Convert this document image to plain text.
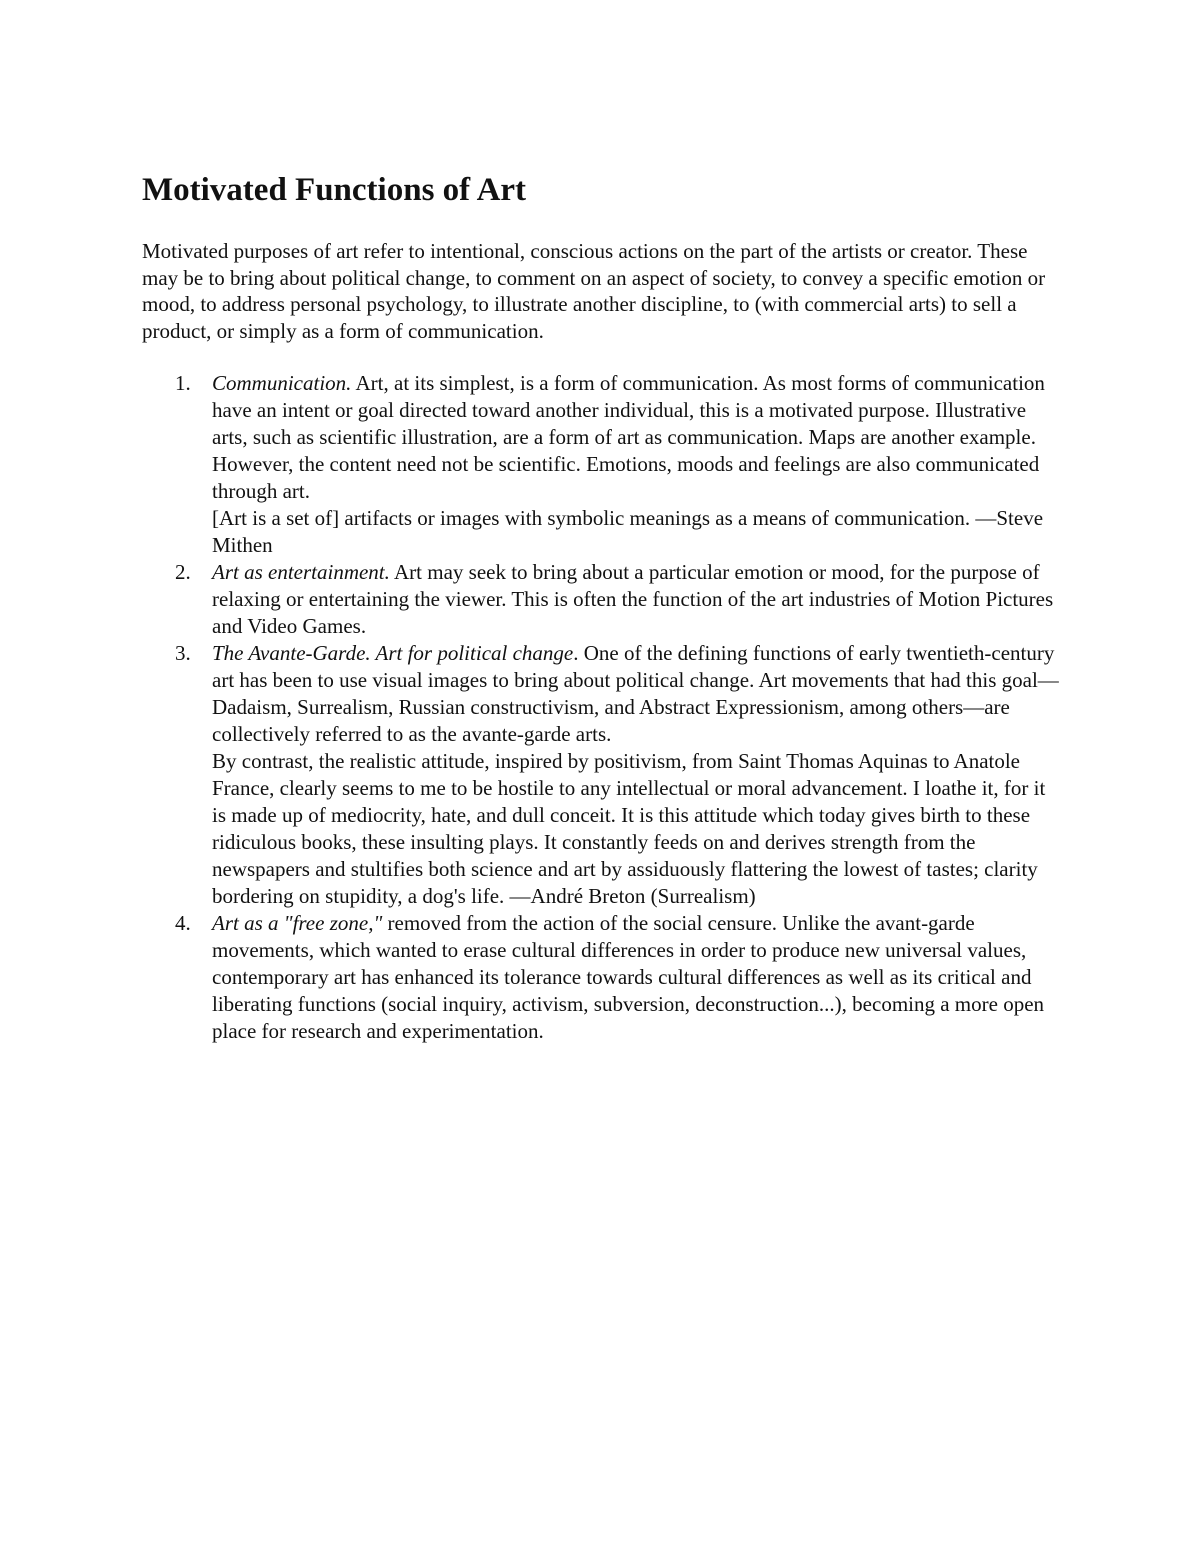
Motivated Functions of Art

Motivated purposes of art refer to intentional, conscious actions on the part of the artists or creator. These may be to bring about political change, to comment on an aspect of society, to convey a specific emotion or mood, to address personal psychology, to illustrate another discipline, to (with commercial arts) to sell a product, or simply as a form of communication.

1. Communication. Art, at its simplest, is a form of communication. As most forms of communication have an intent or goal directed toward another individual, this is a motivated purpose. Illustrative arts, such as scientific illustration, are a form of art as communication. Maps are another example. However, the content need not be scientific. Emotions, moods and feelings are also communicated through art.

[Art is a set of] artifacts or images with symbolic meanings as a means of communication. —Steve Mithen

2. Art as entertainment. Art may seek to bring about a particular emotion or mood, for the purpose of relaxing or entertaining the viewer. This is often the function of the art industries of Motion Pictures and Video Games.

3. The Avante-Garde. Art for political change. One of the defining functions of early twentieth-century art has been to use visual images to bring about political change. Art movements that had this goal—Dadaism, Surrealism, Russian constructivism, and Abstract Expressionism, among others—are collectively referred to as the avante-garde arts.

By contrast, the realistic attitude, inspired by positivism, from Saint Thomas Aquinas to Anatole France, clearly seems to me to be hostile to any intellectual or moral advancement. I loathe it, for it is made up of mediocrity, hate, and dull conceit. It is this attitude which today gives birth to these ridiculous books, these insulting plays. It constantly feeds on and derives strength from the newspapers and stultifies both science and art by assiduously flattering the lowest of tastes; clarity bordering on stupidity, a dog's life. —André Breton (Surrealism)

4. Art as a "free zone," removed from the action of the social censure. Unlike the avant-garde movements, which wanted to erase cultural differences in order to produce new universal values, contemporary art has enhanced its tolerance towards cultural differences as well as its critical and liberating functions (social inquiry, activism, subversion, deconstruction...), becoming a more open place for research and experimentation.
